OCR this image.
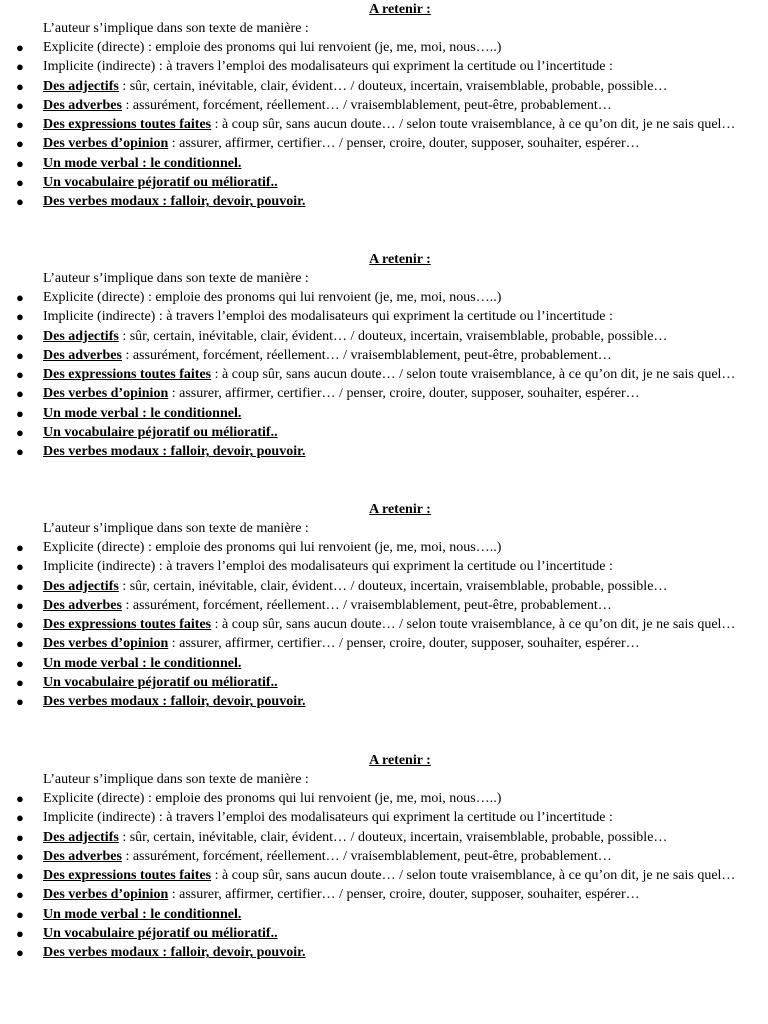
A retenir :
L’auteur s’implique dans son texte de manière :
● Explicite (directe) : emploie des pronoms qui lui renvoient (je, me, moi, nous…..)
● Implicite (indirecte) : à travers l’emploi des modalisateurs qui expriment la certitude ou l’incertitude :
● Des adjectifs : sûr, certain, inévitable, clair, évident… / douteux, incertain, vraisemblable, probable, possible…
● Des adverbes : assurément, forcément, réellement… / vraisemblablement, peut-être, probablement…
● Des expressions toutes faites : à coup sûr, sans aucun doute… / selon toute vraisemblance, à ce qu’on dit, je ne sais quel…
● Des verbes d’opinion : assurer, affirmer, certifier… / penser, croire, douter, supposer, souhaiter, espérer…
● Un mode verbal : le conditionnel.
● Un vocabulaire péjoratif ou mélioratif..
● Des verbes modaux : falloir, devoir, pouvoir.
A retenir :
L’auteur s’implique dans son texte de manière :
● Explicite (directe) : emploie des pronoms qui lui renvoient (je, me, moi, nous…..)
● Implicite (indirecte) : à travers l’emploi des modalisateurs qui expriment la certitude ou l’incertitude :
● Des adjectifs : sûr, certain, inévitable, clair, évident… / douteux, incertain, vraisemblable, probable, possible…
● Des adverbes : assurément, forcément, réellement… / vraisemblablement, peut-être, probablement…
● Des expressions toutes faites : à coup sûr, sans aucun doute… / selon toute vraisemblance, à ce qu’on dit, je ne sais quel…
● Des verbes d’opinion : assurer, affirmer, certifier… / penser, croire, douter, supposer, souhaiter, espérer…
● Un mode verbal : le conditionnel.
● Un vocabulaire péjoratif ou mélioratif..
● Des verbes modaux : falloir, devoir, pouvoir.
A retenir :
L’auteur s’implique dans son texte de manière :
● Explicite (directe) : emploie des pronoms qui lui renvoient (je, me, moi, nous…..)
● Implicite (indirecte) : à travers l’emploi des modalisateurs qui expriment la certitude ou l’incertitude :
● Des adjectifs : sûr, certain, inévitable, clair, évident… / douteux, incertain, vraisemblable, probable, possible…
● Des adverbes : assurément, forcément, réellement… / vraisemblablement, peut-être, probablement…
● Des expressions toutes faites : à coup sûr, sans aucun doute… / selon toute vraisemblance, à ce qu’on dit, je ne sais quel…
● Des verbes d’opinion : assurer, affirmer, certifier… / penser, croire, douter, supposer, souhaiter, espérer…
● Un mode verbal : le conditionnel.
● Un vocabulaire péjoratif ou mélioratif..
● Des verbes modaux : falloir, devoir, pouvoir.
A retenir :
L’auteur s’implique dans son texte de manière :
● Explicite (directe) : emploie des pronoms qui lui renvoient (je, me, moi, nous…..)
● Implicite (indirecte) : à travers l’emploi des modalisateurs qui expriment la certitude ou l’incertitude :
● Des adjectifs : sûr, certain, inévitable, clair, évident… / douteux, incertain, vraisemblable, probable, possible…
● Des adverbes : assurément, forcément, réellement… / vraisemblablement, peut-être, probablement…
● Des expressions toutes faites : à coup sûr, sans aucun doute… / selon toute vraisemblance, à ce qu’on dit, je ne sais quel…
● Des verbes d’opinion : assurer, affirmer, certifier… / penser, croire, douter, supposer, souhaiter, espérer…
● Un mode verbal : le conditionnel.
● Un vocabulaire péjoratif ou mélioratif..
● Des verbes modaux : falloir, devoir, pouvoir.
